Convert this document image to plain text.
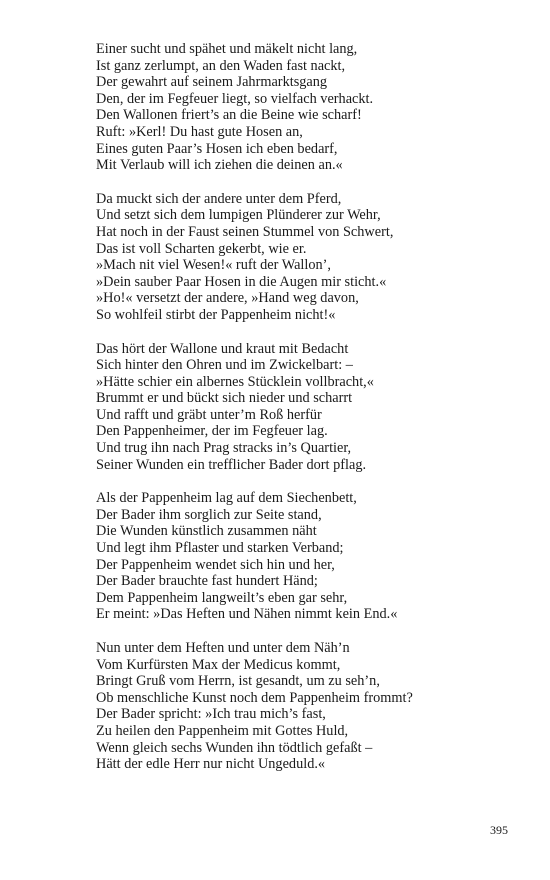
Einer sucht und spähet und mäkelt nicht lang,
Ist ganz zerlumpt, an den Waden fast nackt,
Der gewahrt auf seinem Jahrmarktsgang
Den, der im Fegfeuer liegt, so vielfach verhackt.
Den Wallonen friert’s an die Beine wie scharf!
Ruft: »Kerl! Du hast gute Hosen an,
Eines guten Paar’s Hosen ich eben bedarf,
Mit Verlaub will ich ziehen die deinen an.«
Da muckt sich der andere unter dem Pferd,
Und setzt sich dem lumpigen Plünderer zur Wehr,
Hat noch in der Faust seinen Stummel von Schwert,
Das ist voll Scharten gekerbt, wie er.
»Mach nit viel Wesen!« ruft der Wallon’,
»Dein sauber Paar Hosen in die Augen mir sticht.«
»Ho!« versetzt der andere, »Hand weg davon,
So wohlfeil stirbt der Pappenheim nicht!«
Das hört der Wallone und kraut mit Bedacht
Sich hinter den Ohren und im Zwickelbart: –
»Hätte schier ein albernes Stücklein vollbracht,«
Brummt er und bückt sich nieder und scharrt
Und rafft und gräbt unter’m Roß herfür
Den Pappenheimer, der im Fegfeuer lag.
Und trug ihn nach Prag stracks in’s Quartier,
Seiner Wunden ein trefflicher Bader dort pflag.
Als der Pappenheim lag auf dem Siechenbett,
Der Bader ihm sorglich zur Seite stand,
Die Wunden künstlich zusammen näht
Und legt ihm Pflaster und starken Verband;
Der Pappenheim wendet sich hin und her,
Der Bader brauchte fast hundert Händ;
Dem Pappenheim langweilt’s eben gar sehr,
Er meint: »Das Heften und Nähen nimmt kein End.«
Nun unter dem Heften und unter dem Näh’n
Vom Kurfürsten Max der Medicus kommt,
Bringt Gruß vom Herrn, ist gesandt, um zu seh’n,
Ob menschliche Kunst noch dem Pappenheim frommt?
Der Bader spricht: »Ich trau mich’s fast,
Zu heilen den Pappenheim mit Gottes Huld,
Wenn gleich sechs Wunden ihn tödtlich gefaßt –
Hätt der edle Herr nur nicht Ungeduld.«
395
